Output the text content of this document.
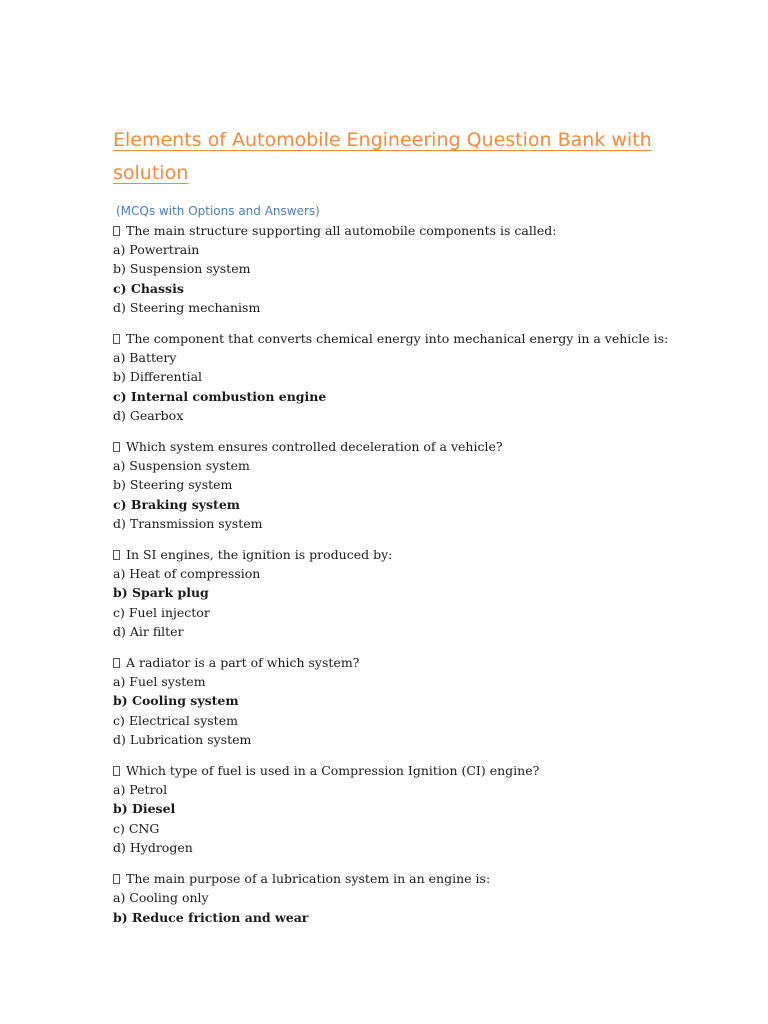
Elements of Automobile Engineering Question Bank with solution
(MCQs with Options and Answers)
The main structure supporting all automobile components is called:
a) Powertrain
b) Suspension system
c) Chassis
d) Steering mechanism
The component that converts chemical energy into mechanical energy in a vehicle is:
a) Battery
b) Differential
c) Internal combustion engine
d) Gearbox
Which system ensures controlled deceleration of a vehicle?
a) Suspension system
b) Steering system
c) Braking system
d) Transmission system
In SI engines, the ignition is produced by:
a) Heat of compression
b) Spark plug
c) Fuel injector
d) Air filter
A radiator is a part of which system?
a) Fuel system
b) Cooling system
c) Electrical system
d) Lubrication system
Which type of fuel is used in a Compression Ignition (CI) engine?
a) Petrol
b) Diesel
c) CNG
d) Hydrogen
The main purpose of a lubrication system in an engine is:
a) Cooling only
b) Reduce friction and wear
